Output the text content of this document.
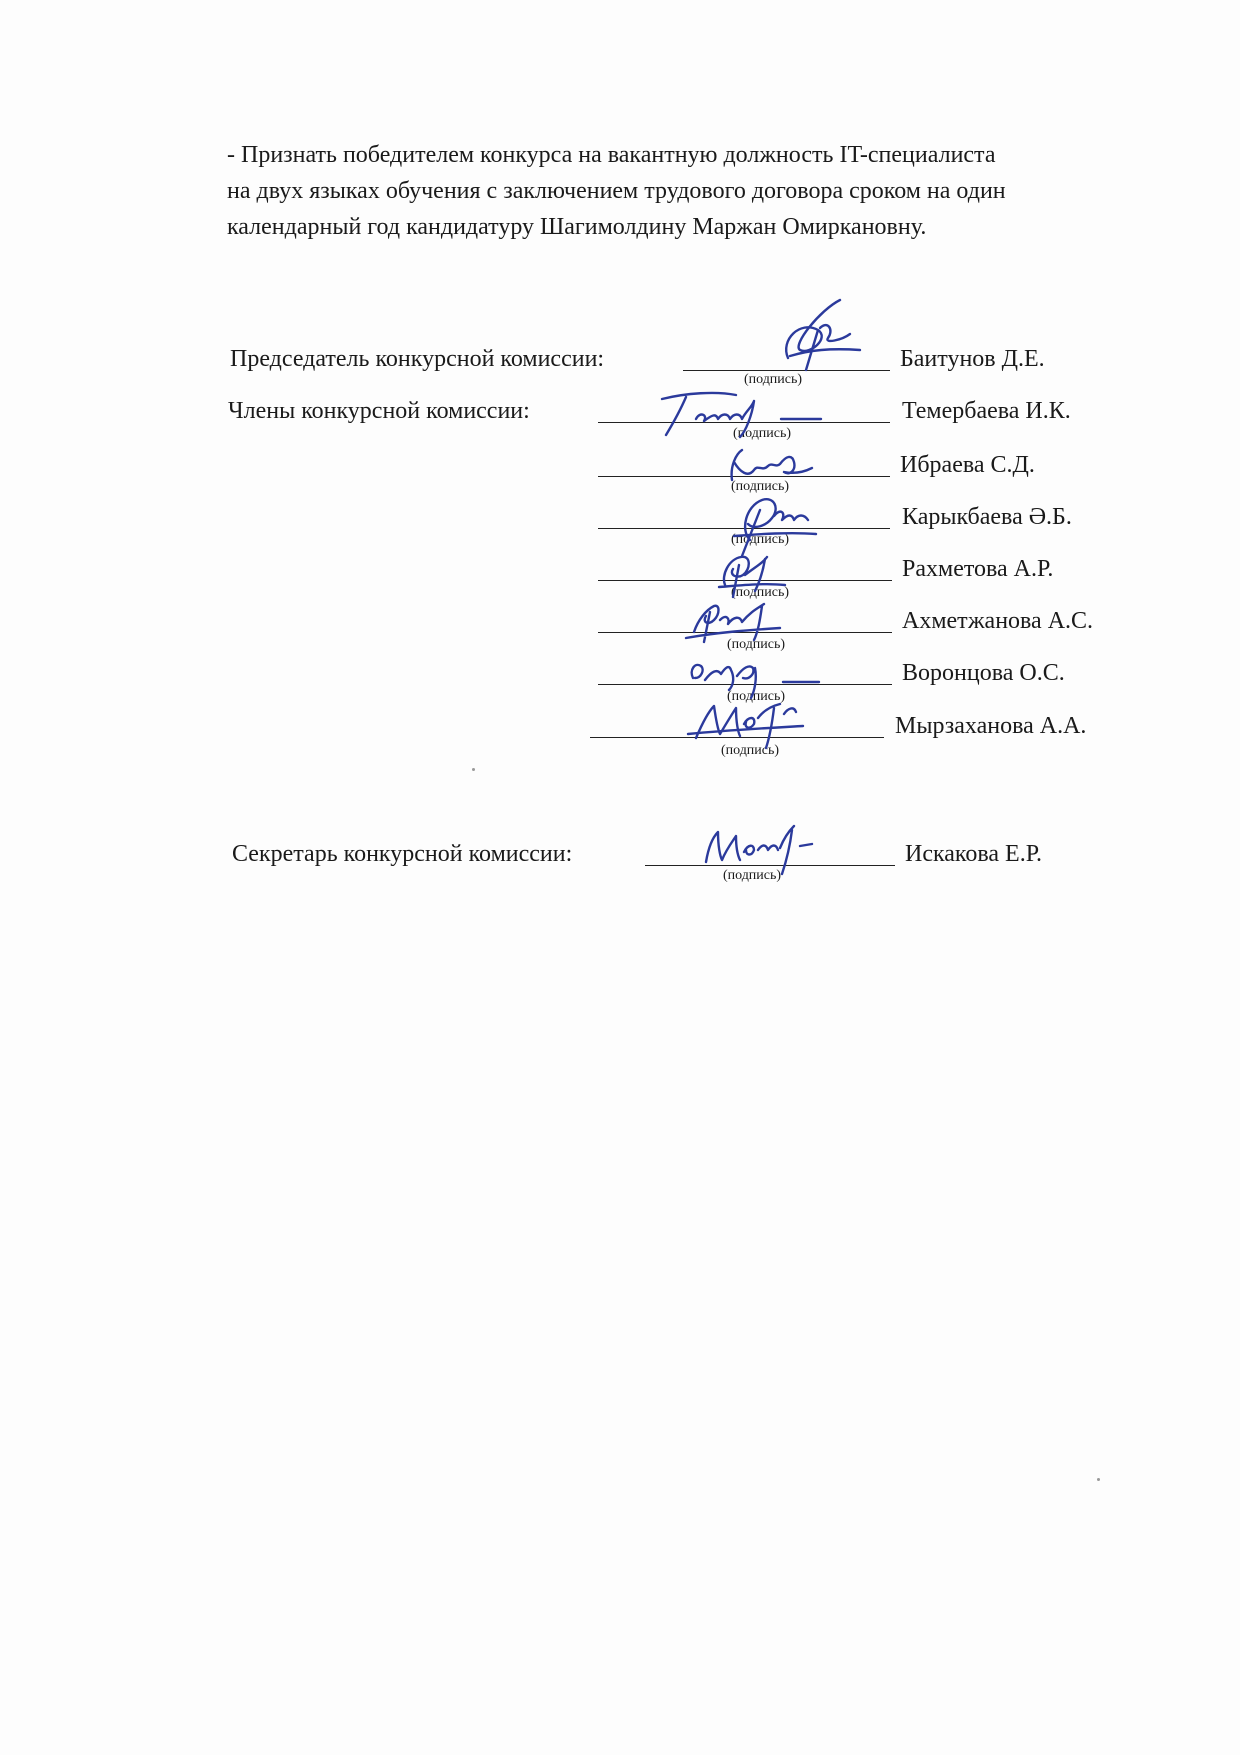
- Признать победителем конкурса на вакантную должность IT-специалиста
на двух языках обучения с заключением трудового договора сроком на один
календарный год кандидатуру Шагимолдину Маржан Омиркановну.

Председатель конкурсной комиссии:	Баитунов Д.Е.
(подпись)
Члены конкурсной комиссии:	Темербаева И.К.
(подпись)
Ибраева С.Д.
(подпись)
Карыкбаева Ә.Б.
(подпись)
Рахметова А.Р.
(подпись)
Ахметжанова А.С.
(подпись)
Воронцова О.С.
(подпись)
Мырзаханова А.А.
(подпись)
Секретарь конкурсной комиссии:	Искакова Е.Р.
(подпись)
